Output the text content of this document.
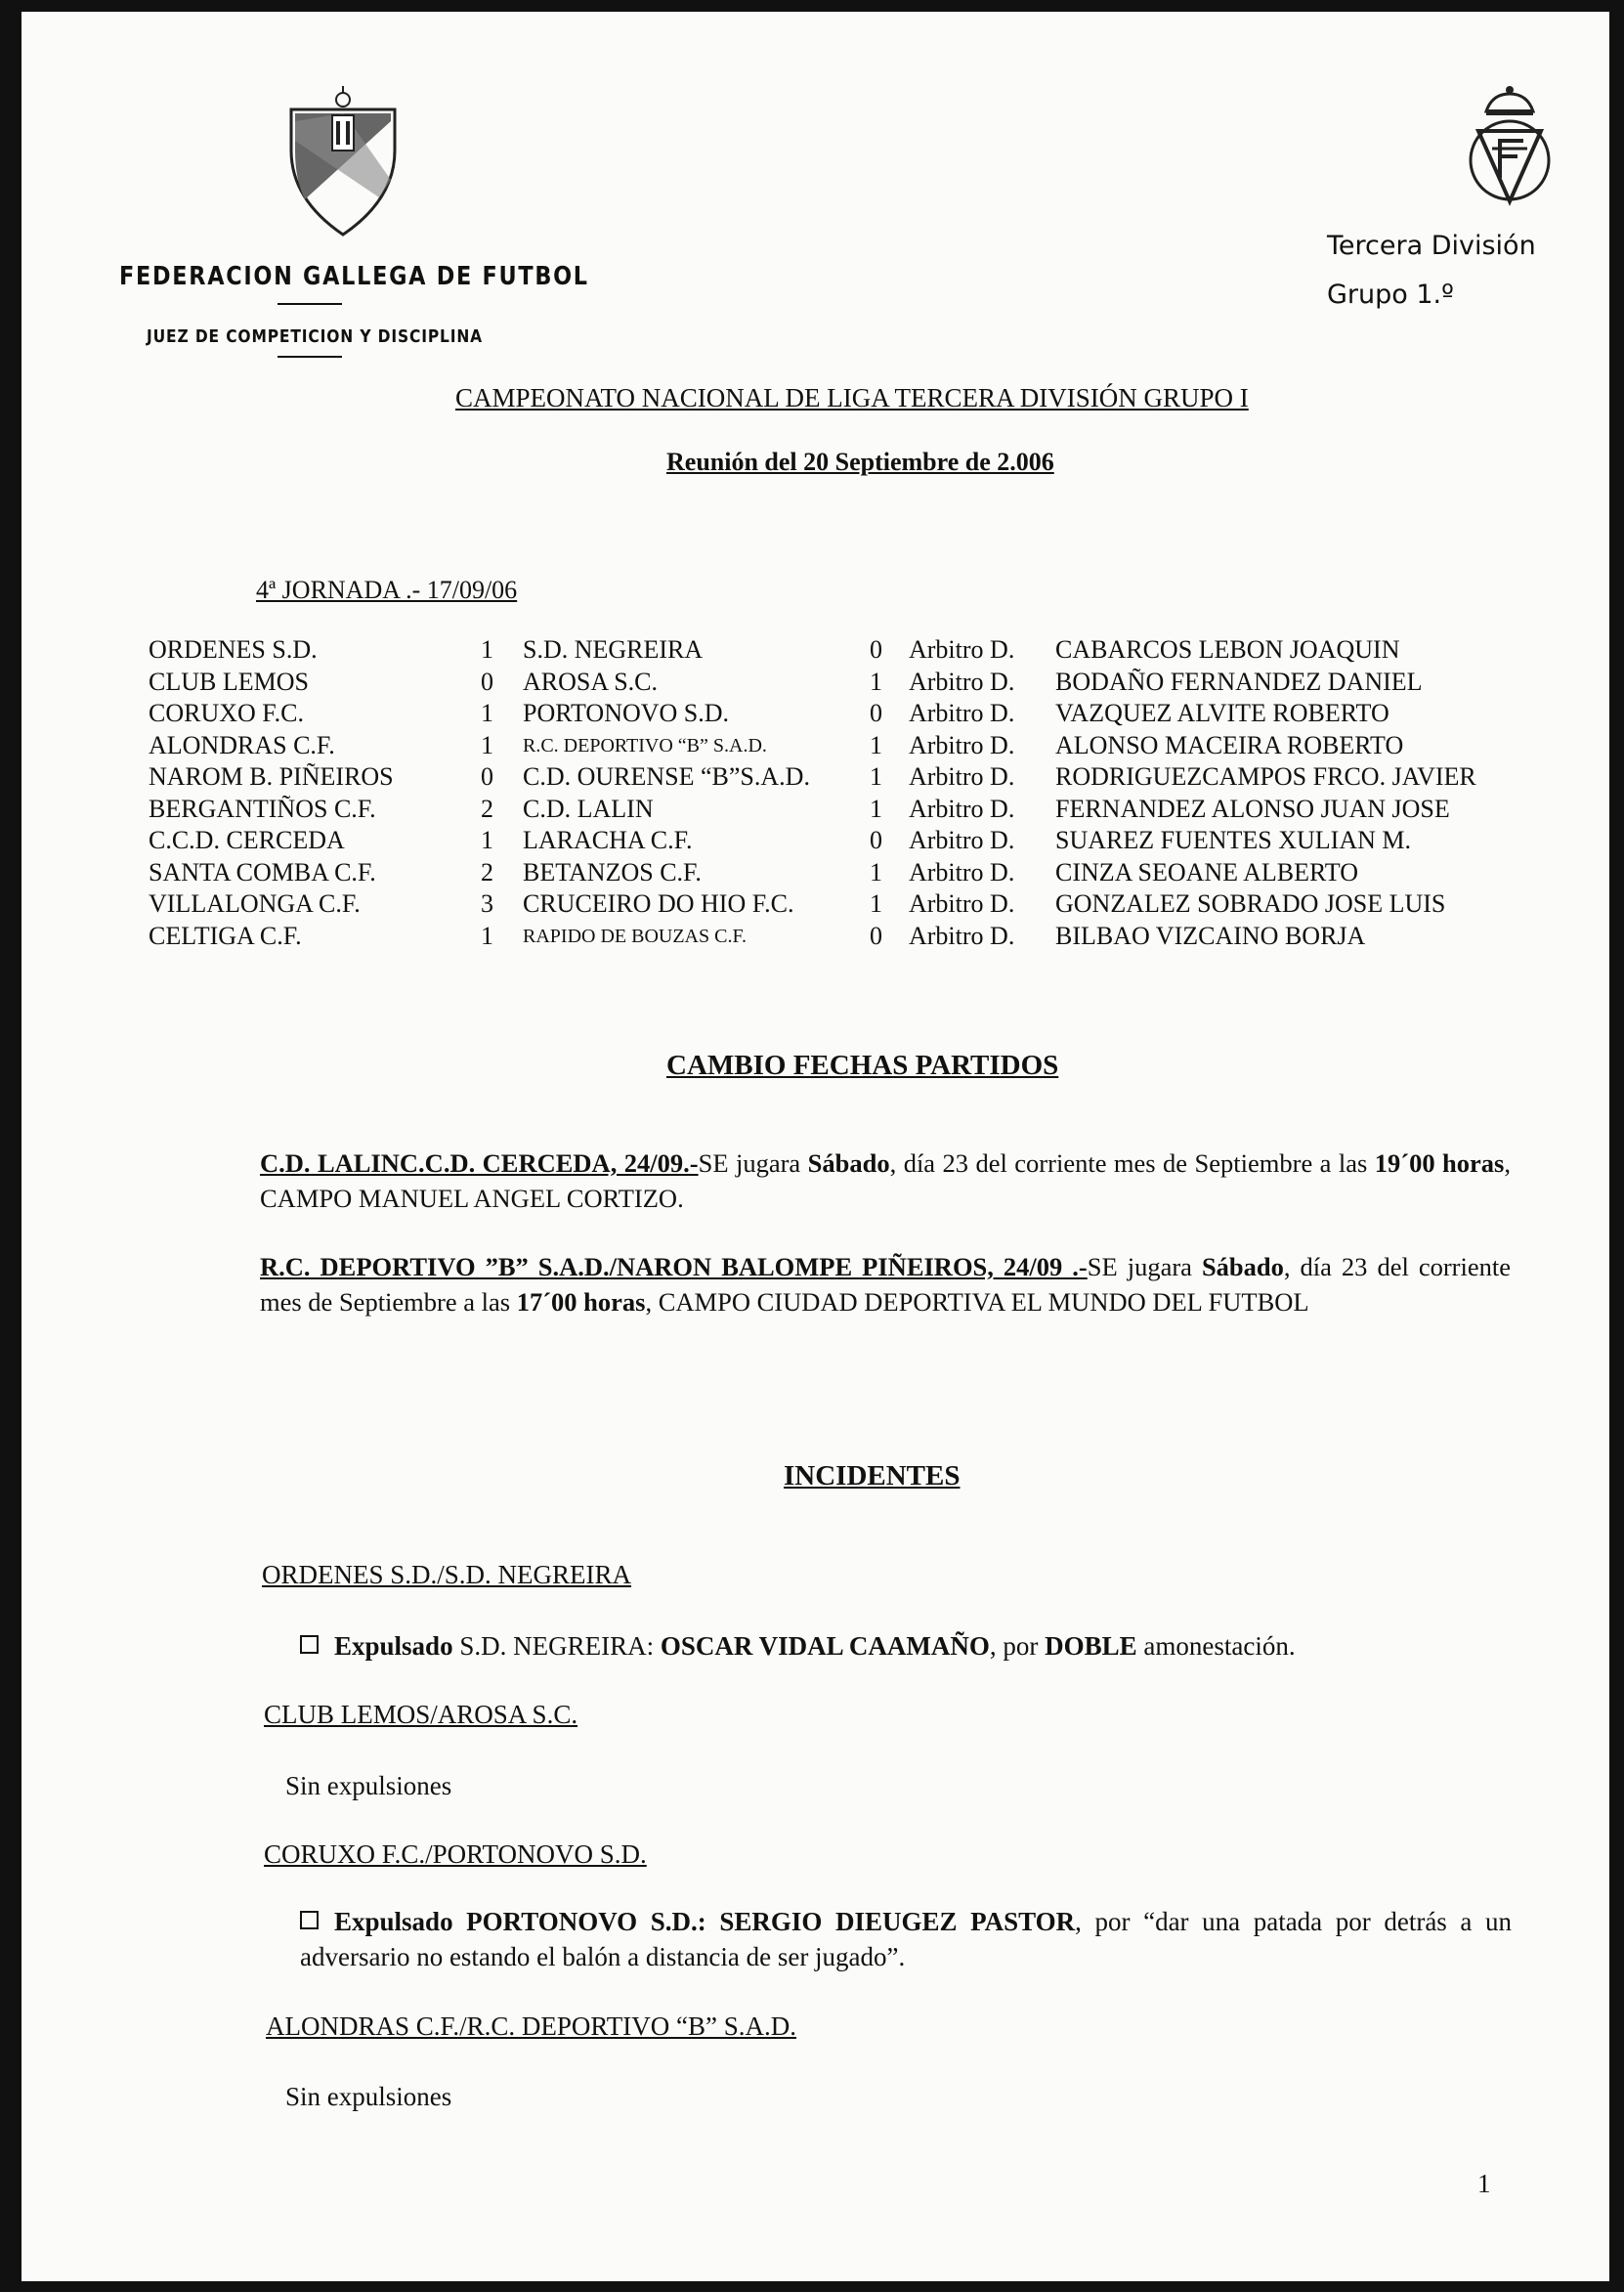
FEDERACION GALLEGA DE FUTBOL
JUEZ DE COMPETICION Y DISCIPLINA
Tercera División
Grupo 1.º
CAMPEONATO NACIONAL DE LIGA TERCERA DIVISIÓN GRUPO I
Reunión del 20 Septiembre de 2.006
4ª JORNADA .- 17/09/06
ORDENES S.D.	1	S.D. NEGREIRA	0	Arbitro D.	CABARCOS LEBON JOAQUIN
CLUB LEMOS	0	AROSA S.C.	1	Arbitro D.	BODAÑO FERNANDEZ DANIEL
CORUXO F.C.	1	PORTONOVO S.D.	0	Arbitro D.	VAZQUEZ ALVITE ROBERTO
ALONDRAS C.F.	1	R.C. DEPORTIVO “B” S.A.D.	1	Arbitro D.	ALONSO MACEIRA ROBERTO
NAROM B. PIÑEIROS	0	C.D. OURENSE “B”S.A.D.	1	Arbitro D.	RODRIGUEZCAMPOS FRCO. JAVIER
BERGANTIÑOS C.F.	2	C.D. LALIN	1	Arbitro D.	FERNANDEZ ALONSO JUAN JOSE
C.C.D. CERCEDA	1	LARACHA C.F.	0	Arbitro D.	SUAREZ FUENTES XULIAN M.
SANTA COMBA C.F.	2	BETANZOS C.F.	1	Arbitro D.	CINZA SEOANE ALBERTO
VILLALONGA C.F.	3	CRUCEIRO DO HIO F.C.	1	Arbitro D.	GONZALEZ SOBRADO JOSE LUIS
CELTIGA C.F.	1	RAPIDO DE BOUZAS C.F.	0	Arbitro D.	BILBAO VIZCAINO BORJA
CAMBIO FECHAS PARTIDOS
C.D. LALINC.C.D. CERCEDA, 24/09.-SE jugara Sábado, día 23 del corriente mes de Septiembre a las 19´00 horas, CAMPO MANUEL ANGEL CORTIZO.
R.C. DEPORTIVO ”B” S.A.D./NARON BALOMPE PIÑEIROS, 24/09 .-SE jugara Sábado, día 23 del corriente mes de Septiembre a las 17´00 horas, CAMPO CIUDAD DEPORTIVA EL MUNDO DEL FUTBOL
INCIDENTES
ORDENES S.D./S.D. NEGREIRA
Expulsado S.D. NEGREIRA: OSCAR VIDAL CAAMAÑO, por DOBLE amonestación.
CLUB LEMOS/AROSA S.C.
Sin expulsiones
CORUXO F.C./PORTONOVO S.D.
Expulsado PORTONOVO S.D.: SERGIO DIEUGEZ PASTOR, por “dar una patada por detrás a un adversario no estando el balón a distancia de ser jugado”.
ALONDRAS C.F./R.C. DEPORTIVO “B” S.A.D.
Sin expulsiones
1
